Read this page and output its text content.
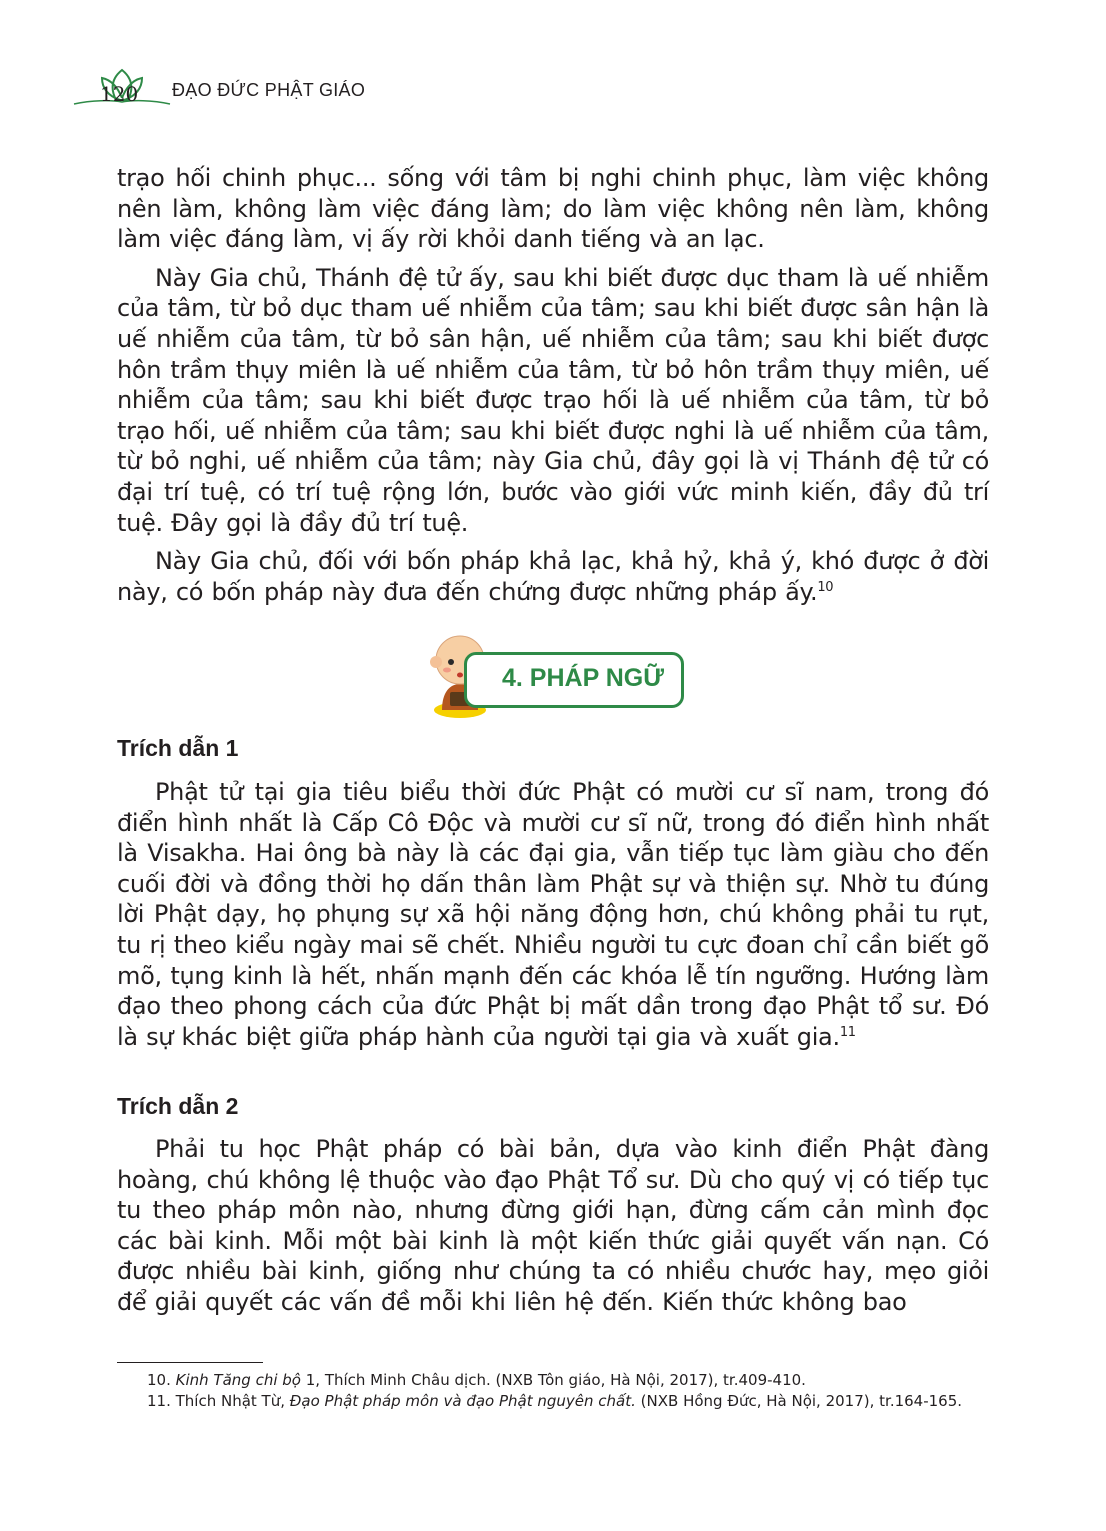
120 ĐẠO ĐỨC PHẬT GIÁO

trạo hối chinh phục... sống với tâm bị nghi chinh phục, làm việc không nên làm, không làm việc đáng làm; do làm việc không nên làm, không làm việc đáng làm, vị ấy rời khỏi danh tiếng và an lạc.

Này Gia chủ, Thánh đệ tử ấy, sau khi biết được dục tham là uế nhiễm của tâm, từ bỏ dục tham uế nhiễm của tâm; sau khi biết được sân hận là uế nhiễm của tâm, từ bỏ sân hận, uế nhiễm của tâm; sau khi biết được hôn trầm thụy miên là uế nhiễm của tâm, từ bỏ hôn trầm thụy miên, uế nhiễm của tâm; sau khi biết được trạo hối là uế nhiễm của tâm, từ bỏ trạo hối, uế nhiễm của tâm; sau khi biết được nghi là uế nhiễm của tâm, từ bỏ nghi, uế nhiễm của tâm; này Gia chủ, đây gọi là vị Thánh đệ tử có đại trí tuệ, có trí tuệ rộng lớn, bước vào giới vức minh kiến, đầy đủ trí tuệ. Đây gọi là đầy đủ trí tuệ.

Này Gia chủ, đối với bốn pháp khả lạc, khả hỷ, khả ý, khó được ở đời này, có bốn pháp này đưa đến chứng được những pháp ấy.$^{10}$

4. PHÁP NGỮ
Trích dẫn 1

Phật tử tại gia tiêu biểu thời đức Phật có mười cư sĩ nam, trong đó điển hình nhất là Cấp Cô Độc và mười cư sĩ nữ, trong đó điển hình nhất là Visakha. Hai ông bà này là các đại gia, vẫn tiếp tục làm giàu cho đến cuối đời và đồng thời họ dấn thân làm Phật sự và thiện sự. Nhờ tu đúng lời Phật dạy, họ phụng sự xã hội năng động hơn, chú không phải tu rụt, tu rị theo kiểu ngày mai sẽ chết. Nhiều người tu cực đoan chỉ cần biết gõ mõ, tụng kinh là hết, nhấn mạnh đến các khóa lễ tín ngưỡng. Hướng làm đạo theo phong cách của đức Phật bị mất dần trong đạo Phật tổ sư. Đó là sự khác biệt giữa pháp hành của người tại gia và xuất gia.$^{11}$

Trích dẫn 2

Phải tu học Phật pháp có bài bản, dựa vào kinh điển Phật đàng hoàng, chú không lệ thuộc vào đạo Phật Tổ sư. Dù cho quý vị có tiếp tục tu theo pháp môn nào, nhưng đừng giới hạn, đừng cấm cản mình đọc các bài kinh. Mỗi một bài kinh là một kiến thức giải quyết vấn nạn. Có được nhiều bài kinh, giống như chúng ta có nhiều chước hay, mẹo giỏi để giải quyết các vấn đề mỗi khi liên hệ đến. Kiến thức không bao

10. Kinh Tăng chi bộ 1, Thích Minh Châu dịch. (NXB Tôn giáo, Hà Nội, 2017), tr.409-410.

11. Thích Nhật Từ, Đạo Phật pháp môn và đạo Phật nguyên chất. (NXB Hồng Đức, Hà Nội, 2017), tr.164-165.
